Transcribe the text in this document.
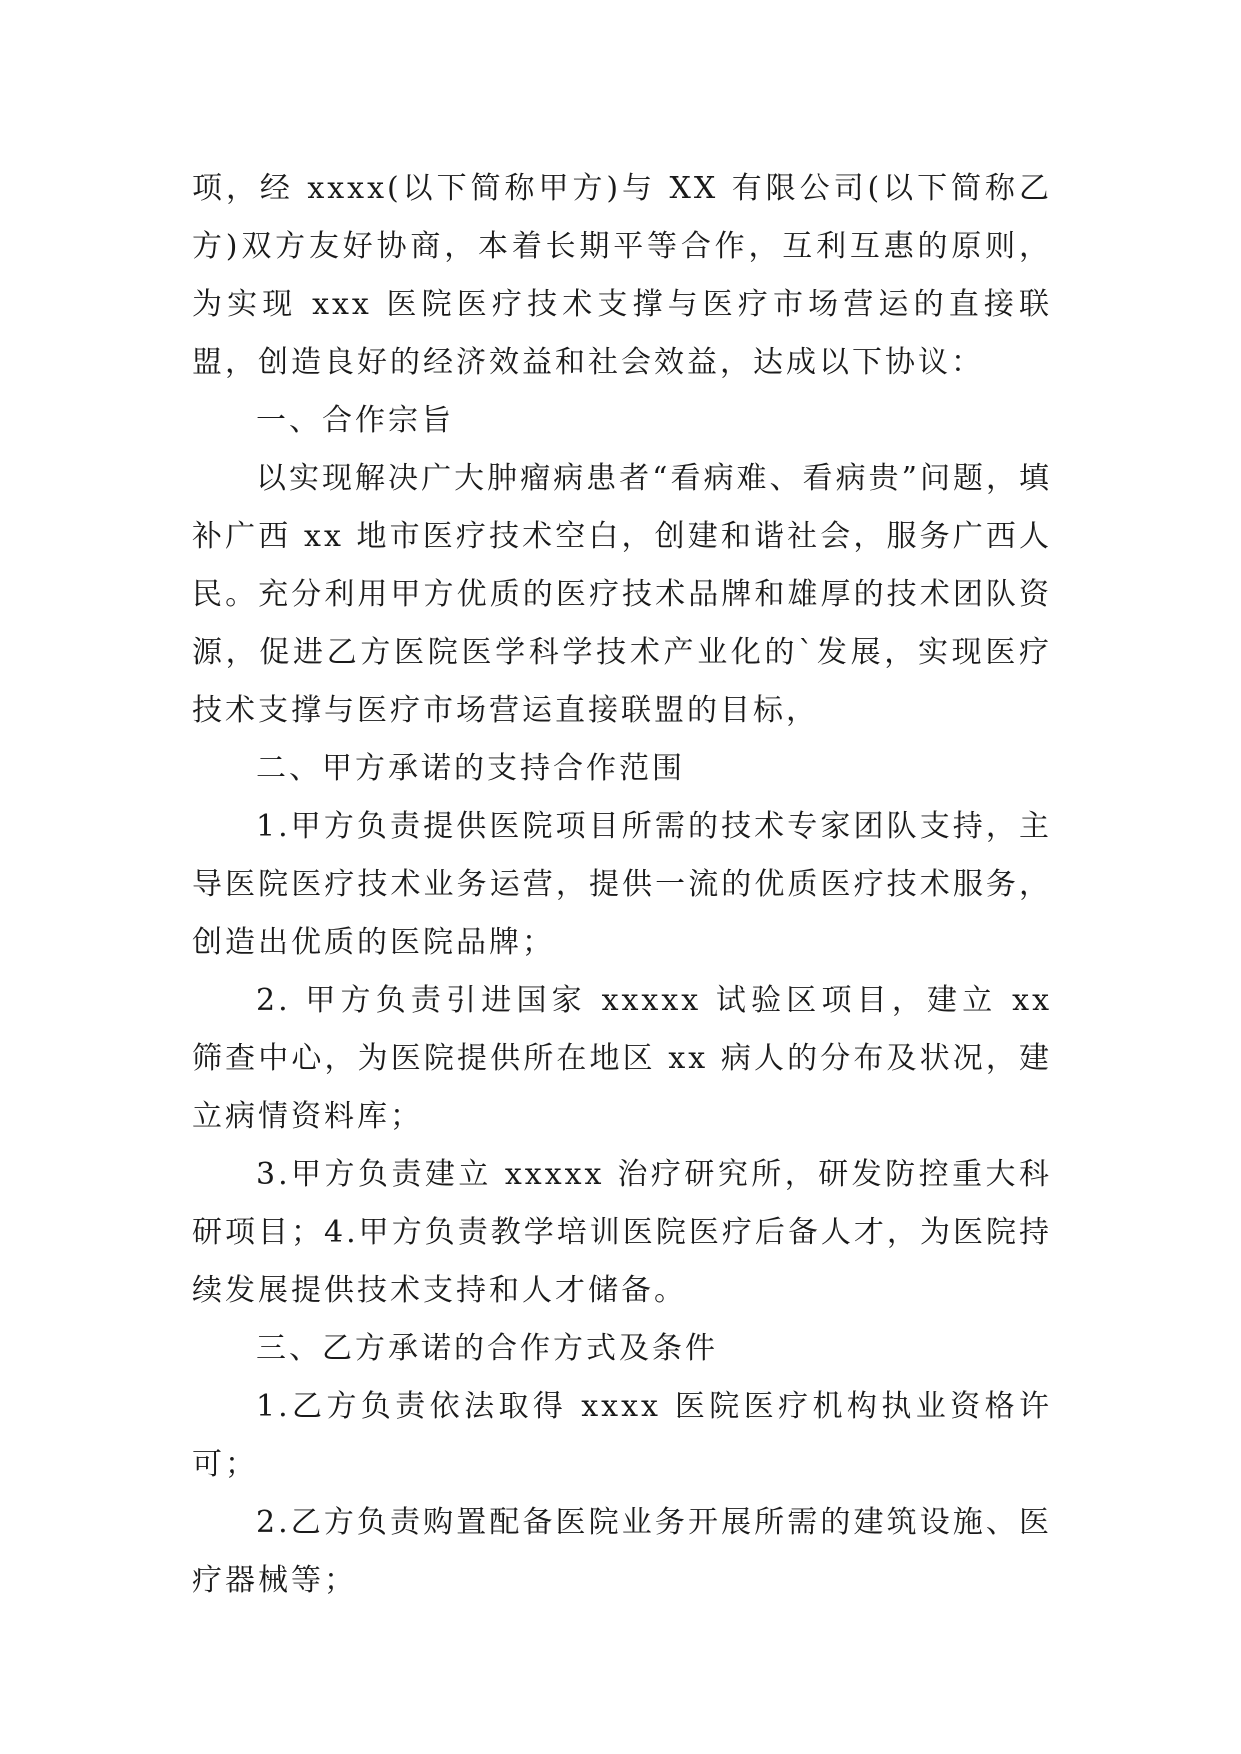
项，经 xxxx(以下简称甲方)与 XX 有限公司(以下简称乙方)双方友好协商，本着长期平等合作，互利互惠的原则，为实现 xxx 医院医疗技术支撑与医疗市场营运的直接联盟，创造良好的经济效益和社会效益，达成以下协议：

一、合作宗旨

以实现解决广大肿瘤病患者“看病难、看病贵”问题，填补广西 xx 地市医疗技术空白，创建和谐社会，服务广西人民。充分利用甲方优质的医疗技术品牌和雄厚的技术团队资源，促进乙方医院医学科学技术产业化的`发展，实现医疗技术支撑与医疗市场营运直接联盟的目标，

二、甲方承诺的支持合作范围

1.甲方负责提供医院项目所需的技术专家团队支持，主导医院医疗技术业务运营，提供一流的优质医疗技术服务，创造出优质的医院品牌；

2. 甲方负责引进国家 xxxxx 试验区项目，建立 xx 筛查中心，为医院提供所在地区 xx 病人的分布及状况，建立病情资料库；

3.甲方负责建立 xxxxx 治疗研究所，研发防控重大科研项目；4.甲方负责教学培训医院医疗后备人才，为医院持续发展提供技术支持和人才储备。

三、乙方承诺的合作方式及条件

1.乙方负责依法取得 xxxx 医院医疗机构执业资格许可；

2.乙方负责购置配备医院业务开展所需的建筑设施、医疗器械等；
